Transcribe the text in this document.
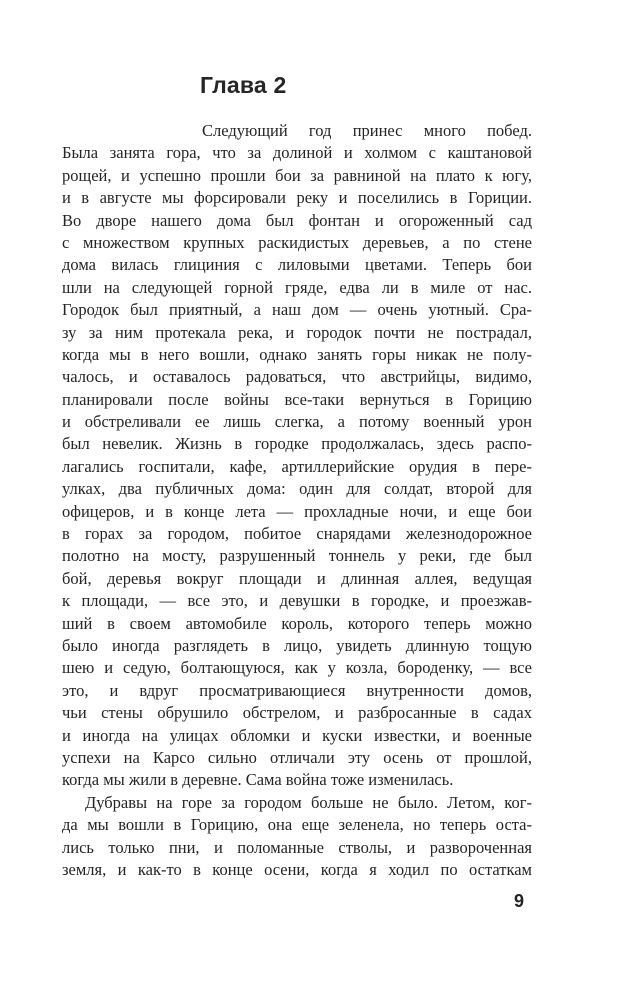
Глава 2
Следующий год принес много побед.
Была занята гора, что за долиной и холмом с каштановой
рощей, и успешно прошли бои за равниной на плато к югу,
и в августе мы форсировали реку и поселились в Гориции.
Во дворе нашего дома был фонтан и огороженный сад
с множеством крупных раскидистых деревьев, а по стене
дома вилась глициния с лиловыми цветами. Теперь бои
шли на следующей горной гряде, едва ли в миле от нас.
Городок был приятный, а наш дом — очень уютный. Сра-
зу за ним протекала река, и городок почти не пострадал,
когда мы в него вошли, однако занять горы никак не полу-
чалось, и оставалось радоваться, что австрийцы, видимо,
планировали после войны все-таки вернуться в Горицию
и обстреливали ее лишь слегка, а потому военный урон
был невелик. Жизнь в городке продолжалась, здесь распо-
лагались госпитали, кафе, артиллерийские орудия в пере-
улках, два публичных дома: один для солдат, второй для
офицеров, и в конце лета — прохладные ночи, и еще бои
в горах за городом, побитое снарядами железнодорожное
полотно на мосту, разрушенный тоннель у реки, где был
бой, деревья вокруг площади и длинная аллея, ведущая
к площади, — все это, и девушки в городке, и проезжав-
ший в своем автомобиле король, которого теперь можно
было иногда разглядеть в лицо, увидеть длинную тощую
шею и седую, болтающуюся, как у козла, бороденку, — все
это, и вдруг просматривающиеся внутренности домов,
чьи стены обрушило обстрелом, и разбросанные в садах
и иногда на улицах обломки и куски известки, и военные
успехи на Карсо сильно отличали эту осень от прошлой,
когда мы жили в деревне. Сама война тоже изменилась.
Дубравы на горе за городом больше не было. Летом, ког-
да мы вошли в Горицию, она еще зеленела, но теперь оста-
лись только пни, и поломанные стволы, и развороченная
земля, и как-то в конце осени, когда я ходил по остаткам
9
